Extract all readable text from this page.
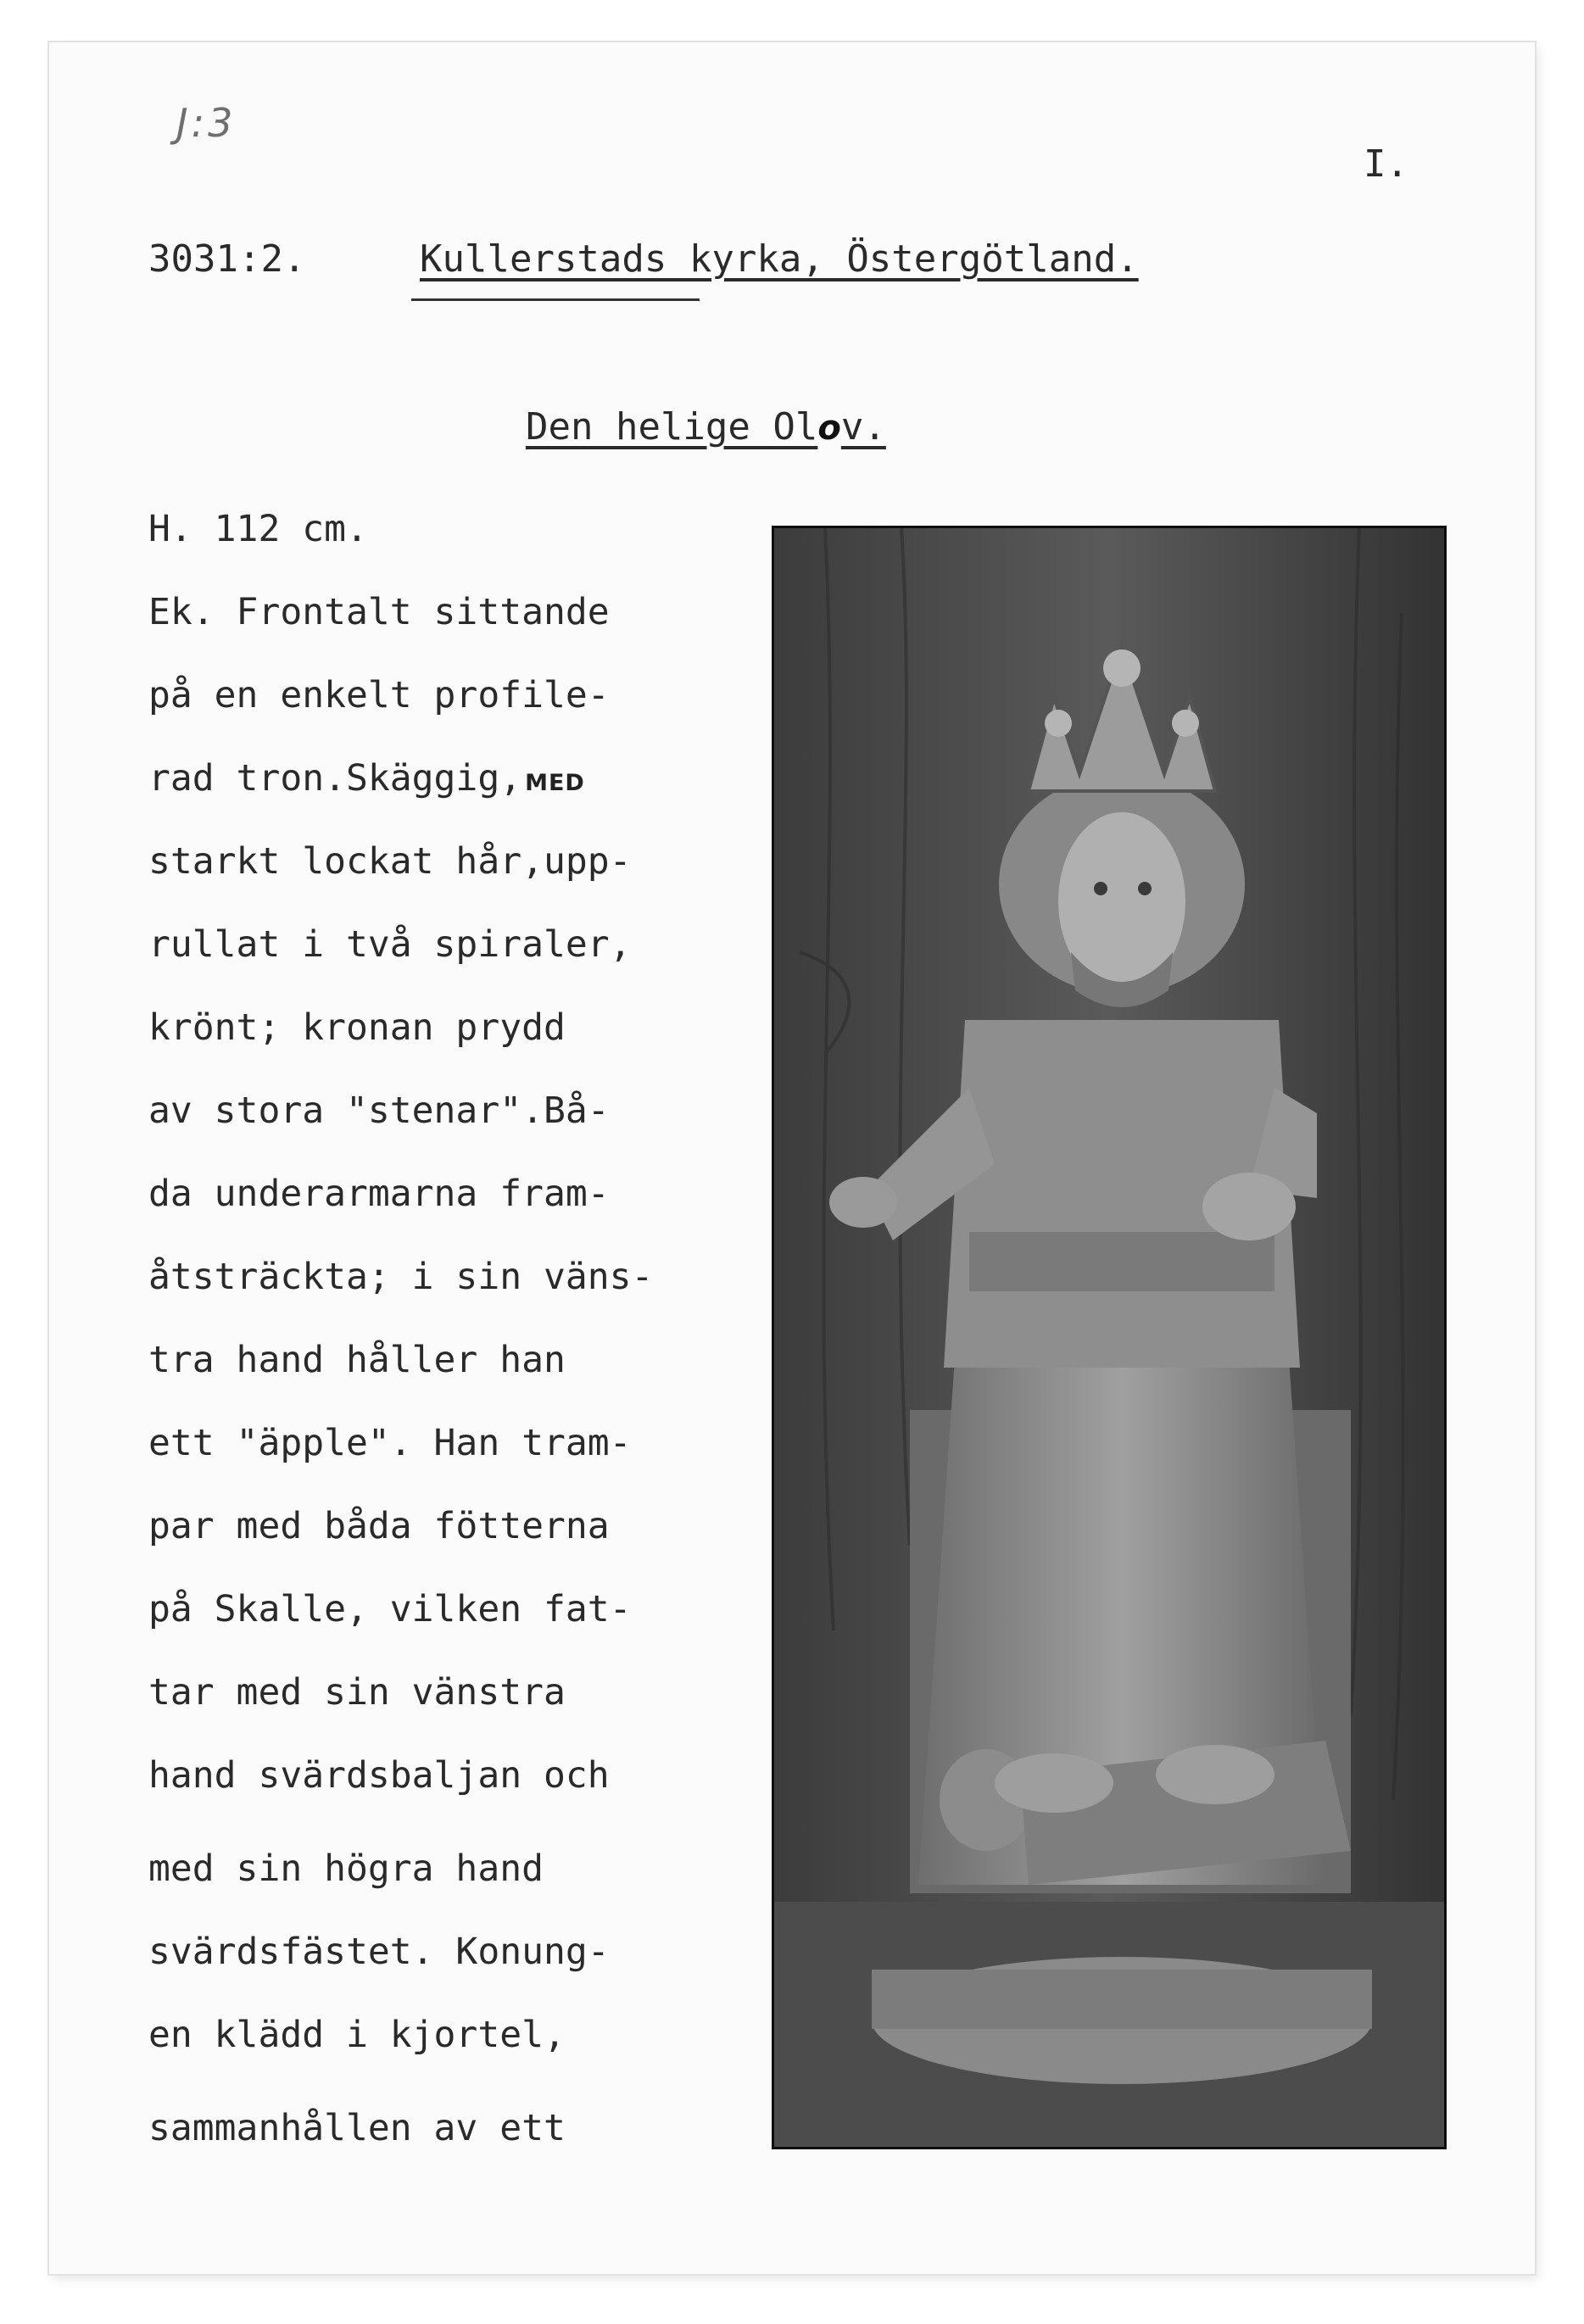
J:3
I.
3031:2.	Kullerstads kyrka, Östergötland.
Den helige Olov.
H. 112 cm.
Ek. Frontalt sittande
på en enkelt profile-
rad tron.Skäggig, MED
starkt lockat hår,upp-
rullat i två spiraler,
krönt; kronan prydd
av stora "stenar".Bå-
da underarmarna fram-
åtsträckta; i sin väns-
tra hand håller han
ett "äpple". Han tram-
par med båda fötterna
på Skalle, vilken fat-
tar med sin vänstra
hand svärdsbaljan och
med sin högra hand
svärdsfästet. Konung-
en klädd i kjortel,
sammanhållen av ett
